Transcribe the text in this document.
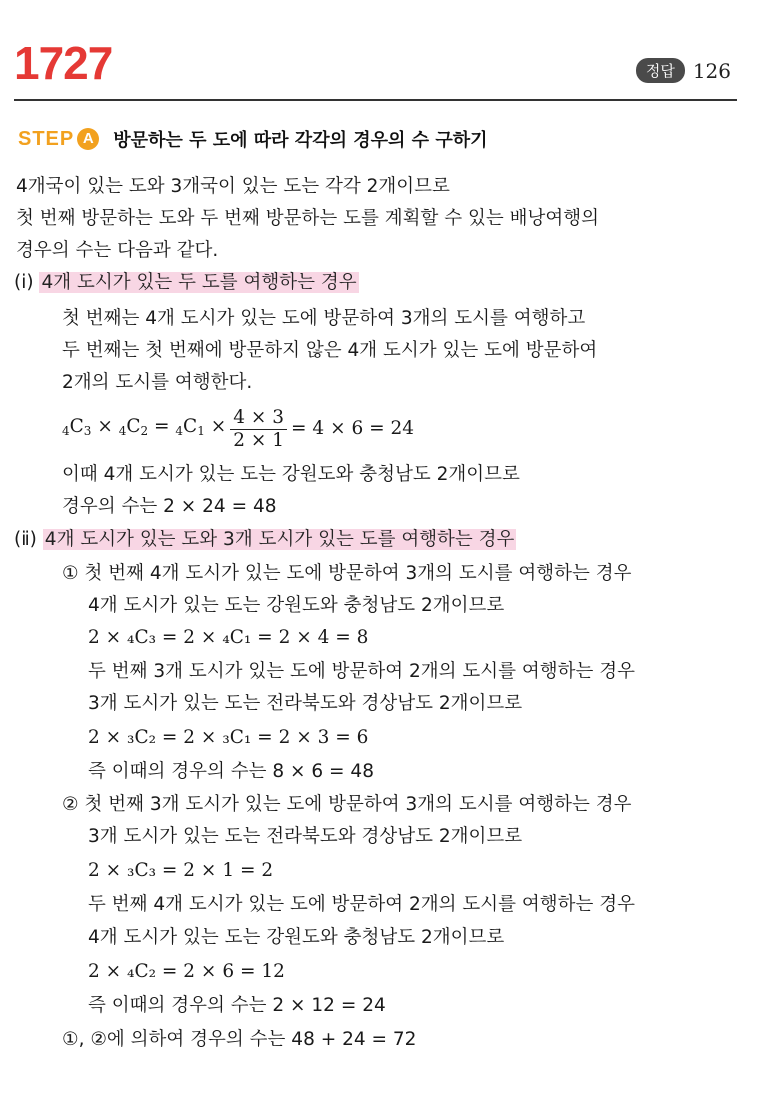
1727	정답 126
STEP A	방문하는 두 도에 따라 각각의 경우의 수 구하기
4개국이 있는 도와 3개국이 있는 도는 각각 2개이므로
첫 번째 방문하는 도와 두 번째 방문하는 도를 계획할 수 있는 배낭여행의
경우의 수는 다음과 같다.
(ⅰ) 4개 도시가 있는 두 도를 여행하는 경우
첫 번째는 4개 도시가 있는 도에 방문하여 3개의 도시를 여행하고
두 번째는 첫 번째에 방문하지 않은 4개 도시가 있는 도에 방문하여
2개의 도시를 여행한다.
$_4C_3 \times _4C_2 = _4C_1 \times \frac{4 \times 3}{2 \times 1} = 4 \times 6 = 24$
이때 4개 도시가 있는 도는 강원도와 충청남도 2개이므로
경우의 수는 2 × 24 = 48
(ⅱ) 4개 도시가 있는 도와 3개 도시가 있는 도를 여행하는 경우
① 첫 번째 4개 도시가 있는 도에 방문하여 3개의 도시를 여행하는 경우
4개 도시가 있는 도는 강원도와 충청남도 2개이므로
2 × ₄C₃ = 2 × ₄C₁ = 2 × 4 = 8
두 번째 3개 도시가 있는 도에 방문하여 2개의 도시를 여행하는 경우
3개 도시가 있는 도는 전라북도와 경상남도 2개이므로
2 × ₃C₂ = 2 × ₃C₁ = 2 × 3 = 6
즉 이때의 경우의 수는 8 × 6 = 48
② 첫 번째 3개 도시가 있는 도에 방문하여 3개의 도시를 여행하는 경우
3개 도시가 있는 도는 전라북도와 경상남도 2개이므로
2 × ₃C₃ = 2 × 1 = 2
두 번째 4개 도시가 있는 도에 방문하여 2개의 도시를 여행하는 경우
4개 도시가 있는 도는 강원도와 충청남도 2개이므로
2 × ₄C₂ = 2 × 6 = 12
즉 이때의 경우의 수는 2 × 12 = 24
①, ②에 의하여 경우의 수는 48 + 24 = 72
